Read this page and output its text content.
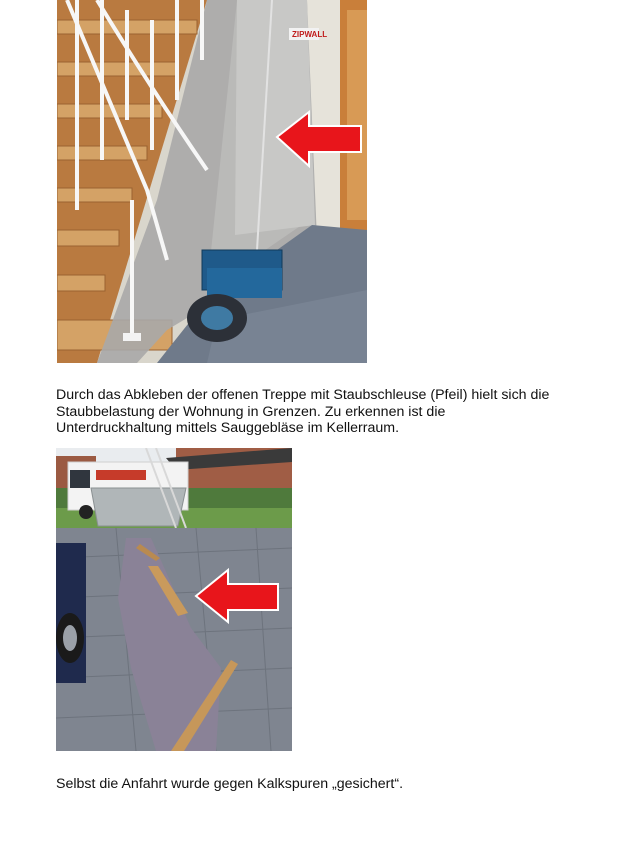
ZIPWALL
Durch das Abkleben der offenen Treppe mit Staubschleuse (Pfeil) hielt sich die
Staubbelastung der Wohnung in Grenzen. Zu erkennen ist die
Unterdruckhaltung mittels Sauggebläse im Kellerraum.
Selbst die Anfahrt wurde gegen Kalkspuren „gesichert“.
